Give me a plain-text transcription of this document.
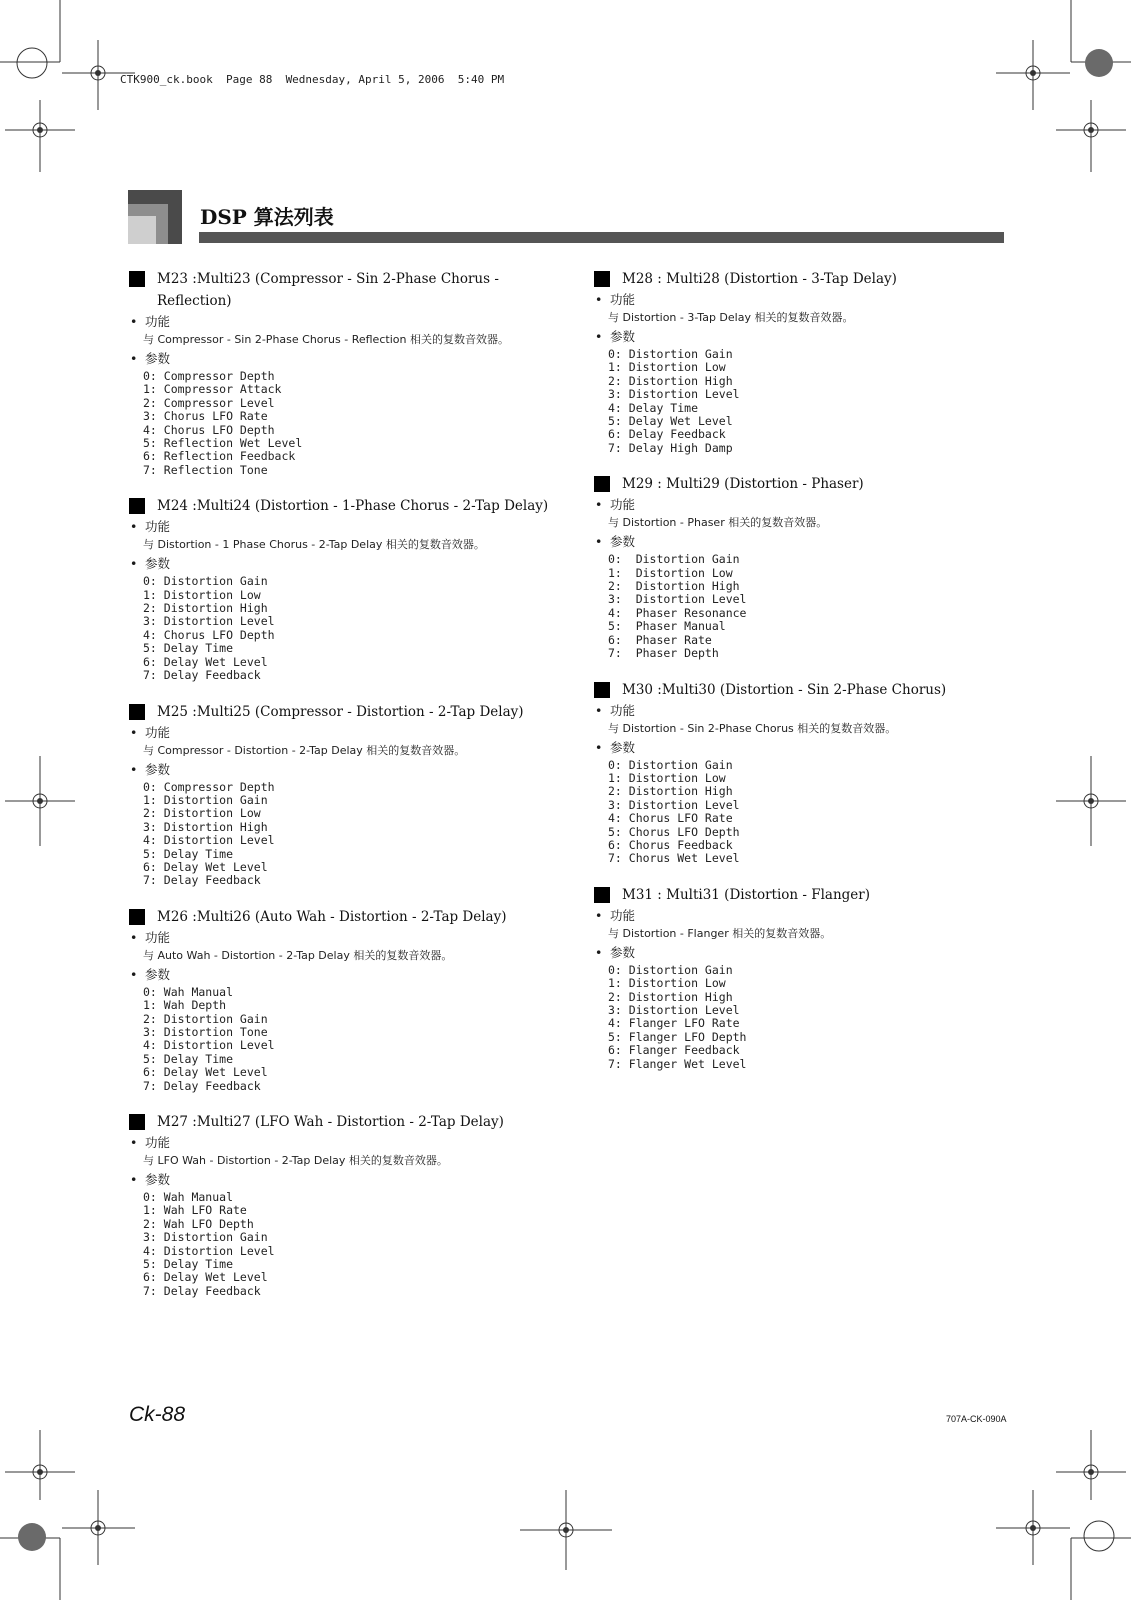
CTK900_ck.book  Page 88  Wednesday, April 5, 2006  5:40 PM
DSP 算法列表
M23 :Multi23 (Compressor - Sin 2-Phase Chorus - Reflection)
• 功能
与 Compressor - Sin 2-Phase Chorus - Reflection 相关的复数音效器。
• 参数
0: Compressor Depth
1: Compressor Attack
2: Compressor Level
3: Chorus LFO Rate
4: Chorus LFO Depth
5: Reflection Wet Level
6: Reflection Feedback
7: Reflection Tone
M24 :Multi24 (Distortion - 1-Phase Chorus - 2-Tap Delay)
• 功能
与 Distortion - 1 Phase Chorus - 2-Tap Delay 相关的复数音效器。
• 参数
0: Distortion Gain
1: Distortion Low
2: Distortion High
3: Distortion Level
4: Chorus LFO Depth
5: Delay Time
6: Delay Wet Level
7: Delay Feedback
M25 :Multi25 (Compressor - Distortion - 2-Tap Delay)
• 功能
与 Compressor - Distortion - 2-Tap Delay 相关的复数音效器。
• 参数
0: Compressor Depth
1: Distortion Gain
2: Distortion Low
3: Distortion High
4: Distortion Level
5: Delay Time
6: Delay Wet Level
7: Delay Feedback
M26 :Multi26 (Auto Wah - Distortion - 2-Tap Delay)
• 功能
与 Auto Wah - Distortion - 2-Tap Delay 相关的复数音效器。
• 参数
0: Wah Manual
1: Wah Depth
2: Distortion Gain
3: Distortion Tone
4: Distortion Level
5: Delay Time
6: Delay Wet Level
7: Delay Feedback
M27 :Multi27 (LFO Wah - Distortion - 2-Tap Delay)
• 功能
与 LFO Wah - Distortion - 2-Tap Delay 相关的复数音效器。
• 参数
0: Wah Manual
1: Wah LFO Rate
2: Wah LFO Depth
3: Distortion Gain
4: Distortion Level
5: Delay Time
6: Delay Wet Level
7: Delay Feedback
M28 : Multi28 (Distortion - 3-Tap Delay)
• 功能
与 Distortion - 3-Tap Delay 相关的复数音效器。
• 参数
0: Distortion Gain
1: Distortion Low
2: Distortion High
3: Distortion Level
4: Delay Time
5: Delay Wet Level
6: Delay Feedback
7: Delay High Damp
M29 : Multi29 (Distortion - Phaser)
• 功能
与 Distortion - Phaser 相关的复数音效器。
• 参数
0:  Distortion Gain
1:  Distortion Low
2:  Distortion High
3:  Distortion Level
4:  Phaser Resonance
5:  Phaser Manual
6:  Phaser Rate
7:  Phaser Depth
M30 :Multi30 (Distortion - Sin 2-Phase Chorus)
• 功能
与 Distortion - Sin 2-Phase Chorus 相关的复数音效器。
• 参数
0: Distortion Gain
1: Distortion Low
2: Distortion High
3: Distortion Level
4: Chorus LFO Rate
5: Chorus LFO Depth
6: Chorus Feedback
7: Chorus Wet Level
M31 : Multi31 (Distortion - Flanger)
• 功能
与 Distortion - Flanger 相关的复数音效器。
• 参数
0: Distortion Gain
1: Distortion Low
2: Distortion High
3: Distortion Level
4: Flanger LFO Rate
5: Flanger LFO Depth
6: Flanger Feedback
7: Flanger Wet Level
Ck-88	707A-CK-090A
